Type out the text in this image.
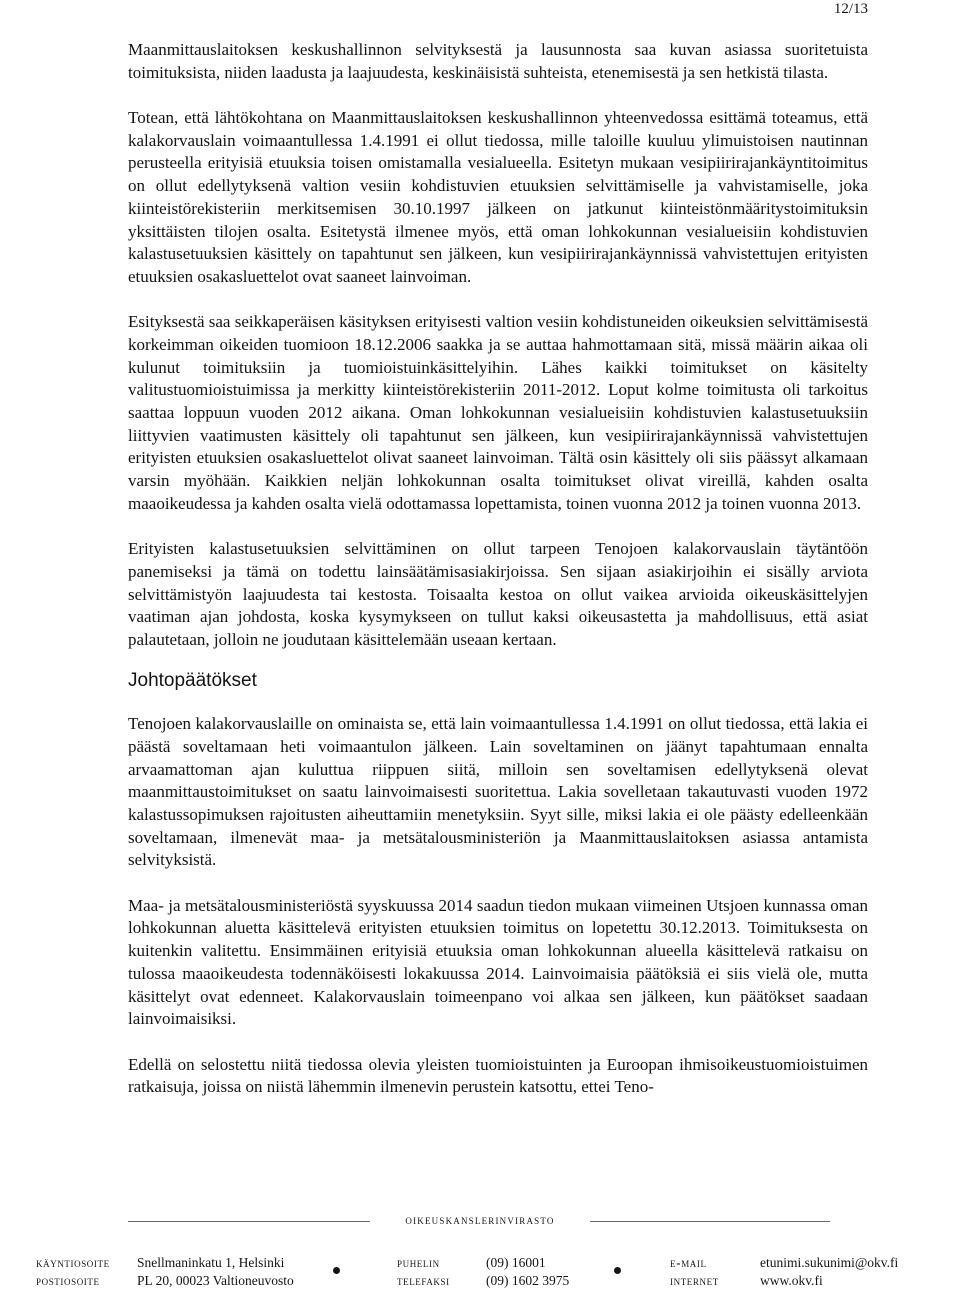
12/13

Maanmittauslaitoksen keskushallinnon selvityksestä ja lausunnosta saa kuvan asiassa suoritetuista toimituksista, niiden laadusta ja laajuudesta, keskinäisistä suhteista, etenemisestä ja sen hetkistä tilasta.

Totean, että lähtökohtana on Maanmittauslaitoksen keskushallinnon yhteenvedossa esittämä toteamus, että kalakorvauslain voimaantullessa 1.4.1991 ei ollut tiedossa, mille taloille kuuluu ylimuistoisen nautinnan perusteella erityisiä etuuksia toisen omistamalla vesialueella. Esitetyn mukaan vesipiirirajankäyntitoimitus on ollut edellytyksenä valtion vesiin kohdistuvien etuuksien selvittämiselle ja vahvistamiselle, joka kiinteistörekisteriin merkitsemisen 30.10.1997 jälkeen on jatkunut kiinteistönmääritystoimituksin yksittäisten tilojen osalta. Esitetystä ilmenee myös, että oman lohkokunnan vesialueisiin kohdistuvien kalastusetuuksien käsittely on tapahtunut sen jälkeen, kun vesipiirirajankäynnissä vahvistettujen erityisten etuuksien osakasluettelot ovat saaneet lainvoiman.

Esityksestä saa seikkaperäisen käsityksen erityisesti valtion vesiin kohdistuneiden oikeuksien selvittämisestä korkeimman oikeiden tuomioon 18.12.2006 saakka ja se auttaa hahmottamaan sitä, missä määrin aikaa oli kulunut toimituksiin ja tuomioistuinkäsittelyihin. Lähes kaikki toimitukset on käsitelty valitustuomioistuimissa ja merkitty kiinteistörekisteriin 2011-2012. Loput kolme toimitusta oli tarkoitus saattaa loppuun vuoden 2012 aikana. Oman lohkokunnan vesialueisiin kohdistuvien kalastusetuuksiin liittyvien vaatimusten käsittely oli tapahtunut sen jälkeen, kun vesipiirirajankäynnissä vahvistettujen erityisten etuuksien osakasluettelot olivat saaneet lainvoiman. Tältä osin käsittely oli siis päässyt alkamaan varsin myöhään. Kaikkien neljän lohkokunnan osalta toimitukset olivat vireillä, kahden osalta maaoikeudessa ja kahden osalta vielä odottamassa lopettamista, toinen vuonna 2012 ja toinen vuonna 2013.

Erityisten kalastusetuuksien selvittäminen on ollut tarpeen Tenojoen kalakorvauslain täytäntöön panemiseksi ja tämä on todettu lainsäätämisasiakirjoissa. Sen sijaan asiakirjoihin ei sisälly arviota selvittämistyön laajuudesta tai kestosta. Toisaalta kestoa on ollut vaikea arvioida oikeuskäsittelyjen vaatiman ajan johdosta, koska kysymykseen on tullut kaksi oikeusastetta ja mahdollisuus, että asiat palautetaan, jolloin ne joudutaan käsittelemään useaan kertaan.

Johtopäätökset

Tenojoen kalakorvauslaille on ominaista se, että lain voimaantullessa 1.4.1991 on ollut tiedossa, että lakia ei päästä soveltamaan heti voimaantulon jälkeen. Lain soveltaminen on jäänyt tapahtumaan ennalta arvaamattoman ajan kuluttua riippuen siitä, milloin sen soveltamisen edellytyksenä olevat maanmittaustoimitukset on saatu lainvoimaisesti suoritettua. Lakia sovelletaan takautuvasti vuoden 1972 kalastussopimuksen rajoitusten aiheuttamiin menetyksiin. Syyt sille, miksi lakia ei ole päästy edelleenkään soveltamaan, ilmenevät maa- ja metsätalousministeriön ja Maanmittauslaitoksen asiassa antamista selvityksistä.

Maa- ja metsätalousministeriöstä syyskuussa 2014 saadun tiedon mukaan viimeinen Utsjoen kunnassa oman lohkokunnan aluetta käsittelevä erityisten etuuksien toimitus on lopetettu 30.12.2013. Toimituksesta on kuitenkin valitettu. Ensimmäinen erityisiä etuuksia oman lohkokunnan alueella käsittelevä ratkaisu on tulossa maaoikeudesta todennäköisesti lokakuussa 2014. Lainvoimaisia päätöksiä ei siis vielä ole, mutta käsittelyt ovat edenneet. Kalakorvauslain toimeenpano voi alkaa sen jälkeen, kun päätökset saadaan lainvoimaisiksi.

Edellä on selostettu niitä tiedossa olevia yleisten tuomioistuinten ja Euroopan ihmisoikeustuomioistuimen ratkaisuja, joissa on niistä lähemmin ilmenevin perustein katsottu, ettei Teno-

oikeuskanslerinvirasto
käyntiosoite
postiosoite
Snellmaninkatu 1, Helsinki
PL 20, 00023 Valtioneuvosto
puhelin
telefaksi
(09) 16001
(09) 1602 3975
e-mail
internet
etunimi.sukunimi@okv.fi
www.okv.fi
